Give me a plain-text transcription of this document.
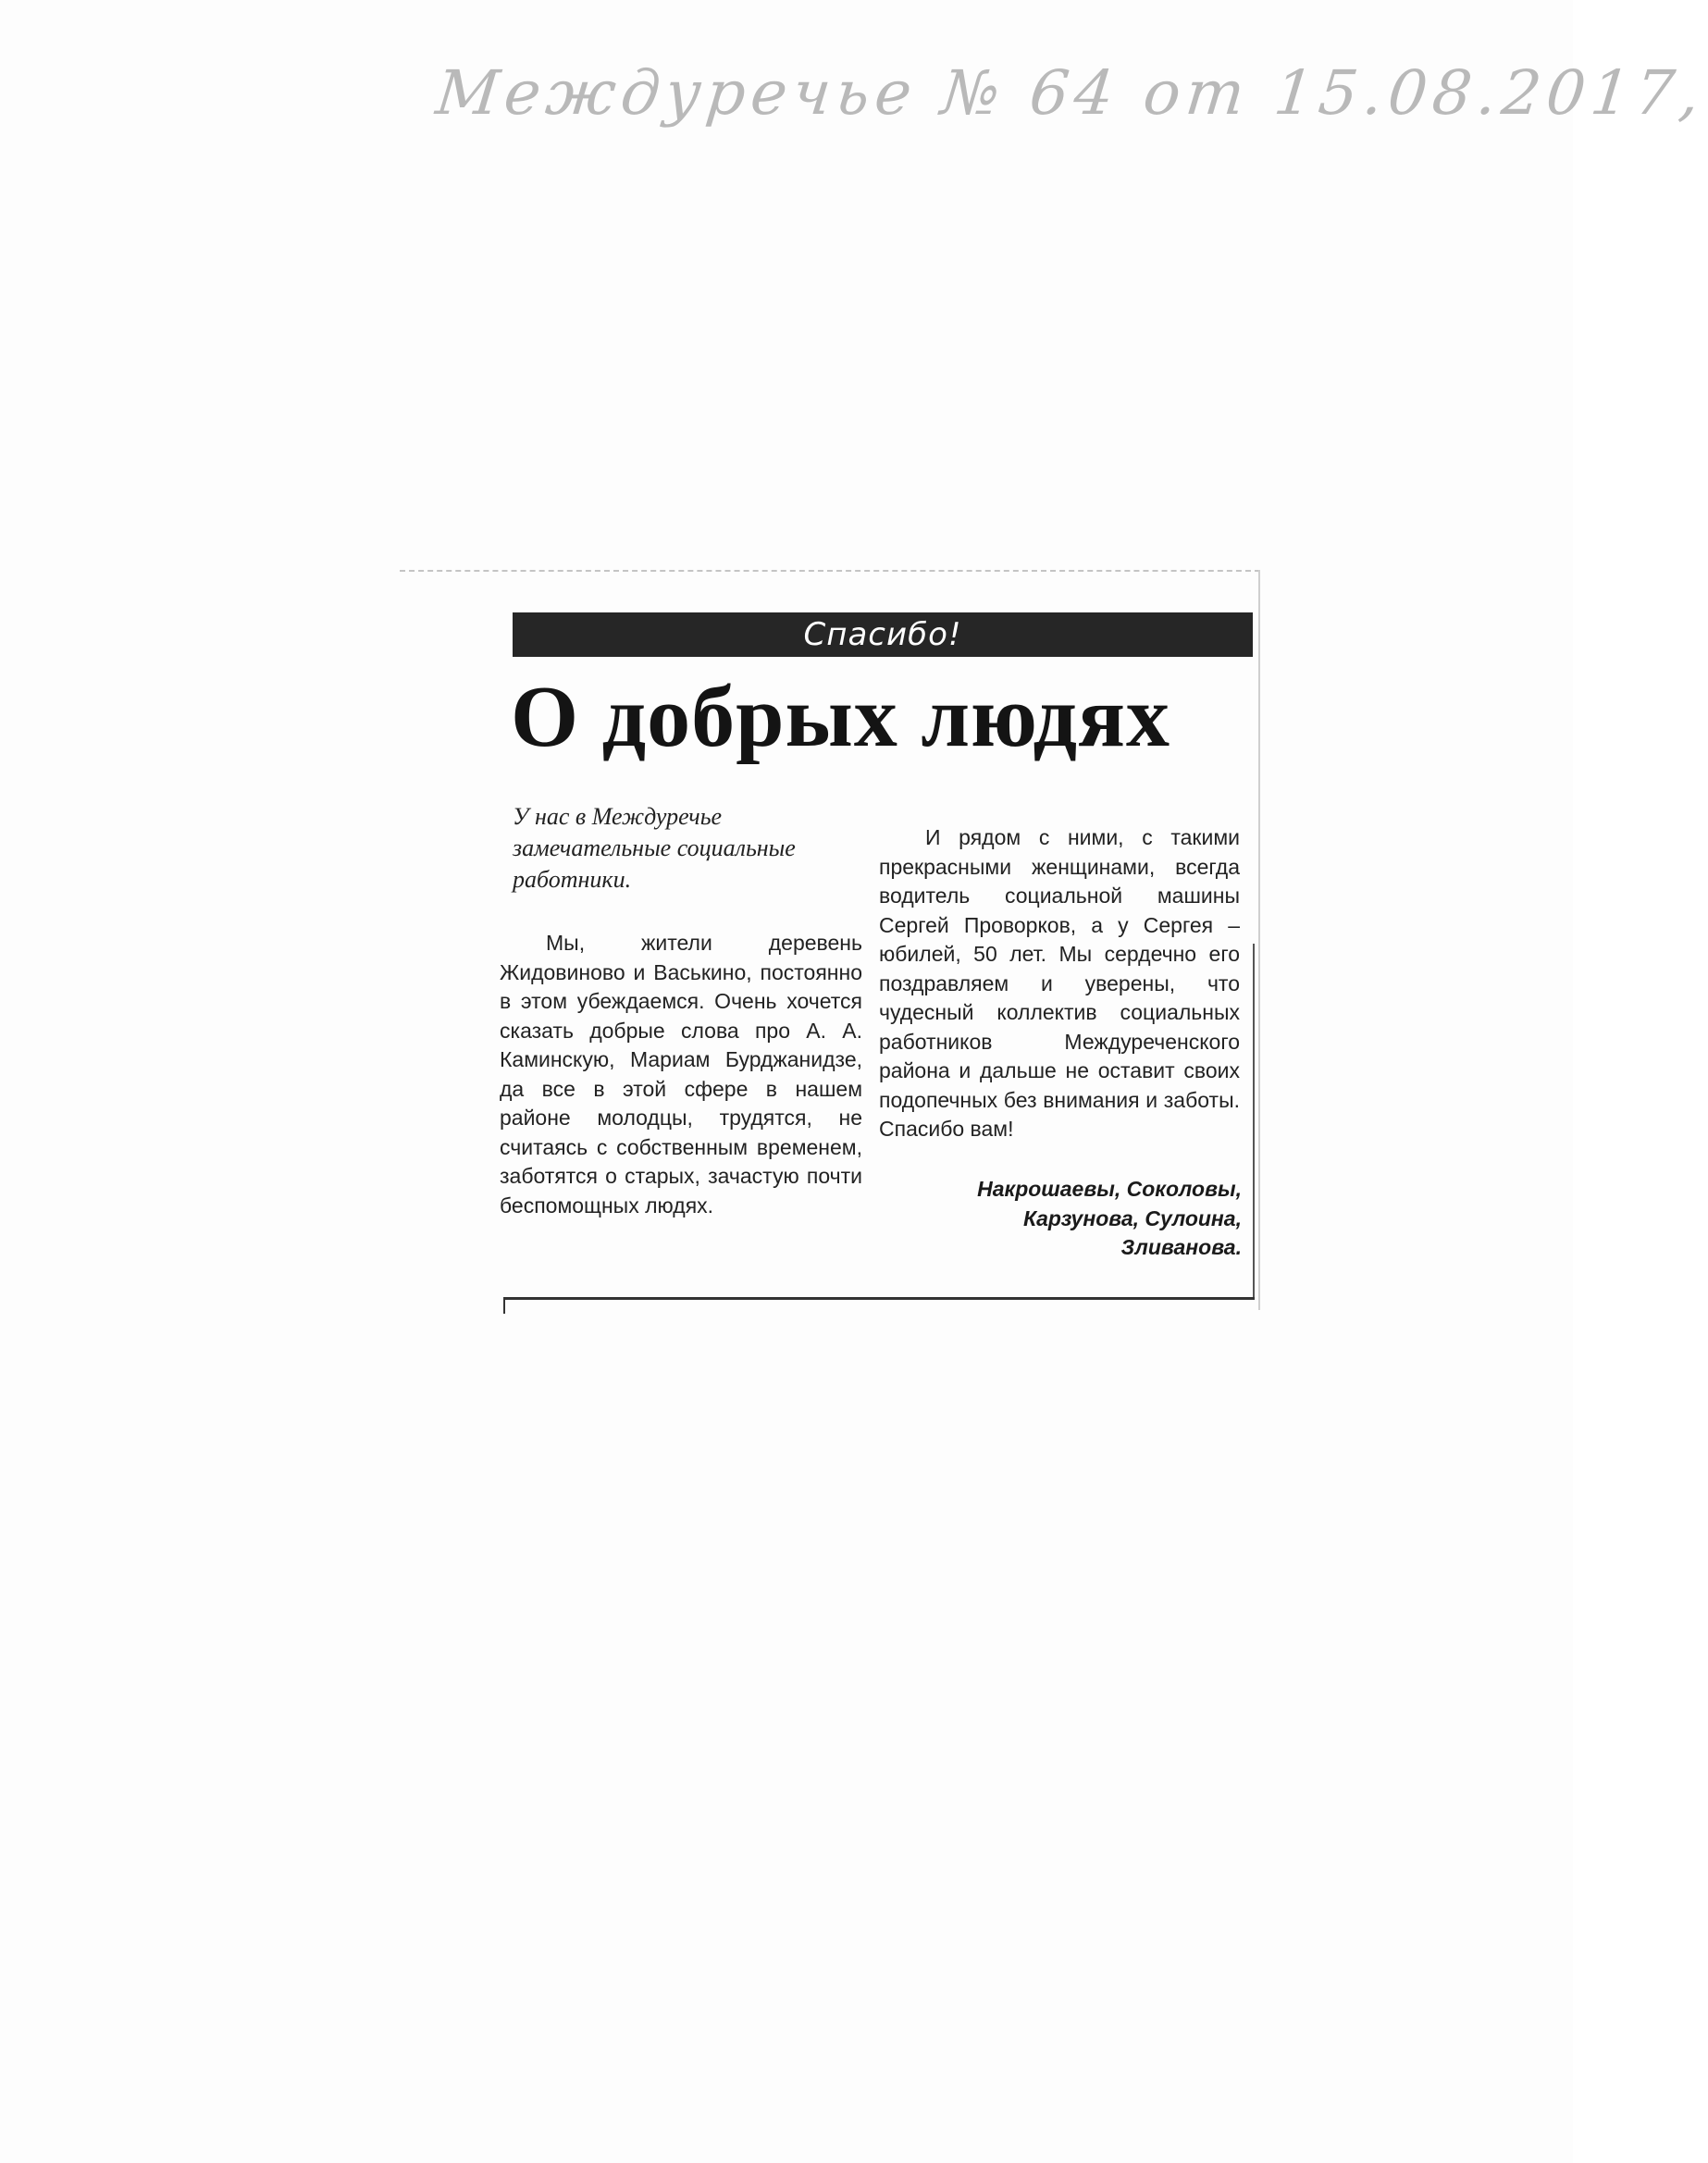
Междуречье № 64 от 15.08.2017,
Спасибо!
О добрых людях
У нас в Междуречье замечательные социальные работники.
Мы, жители деревень Жидовиново и Васькино, постоянно в этом убеждаемся. Очень хочется сказать добрые слова про А. А. Каминскую, Мариам Бурджанидзе, да все в этой сфере в нашем районе молодцы, трудятся, не считаясь с собственным временем, заботятся о старых, зачастую почти беспомощных людях.
И рядом с ними, с такими прекрасными женщинами, всегда водитель социальной машины Сергей Проворков, а у Сергея – юбилей, 50 лет. Мы сердечно его поздравляем и уверены, что чудесный коллектив социальных работников Междуреченского района и дальше не оставит своих подопечных без внимания и заботы. Спасибо вам!
Накрошаевы, Соколовы,
Карзунова, Сулоина,
Зливанова.
